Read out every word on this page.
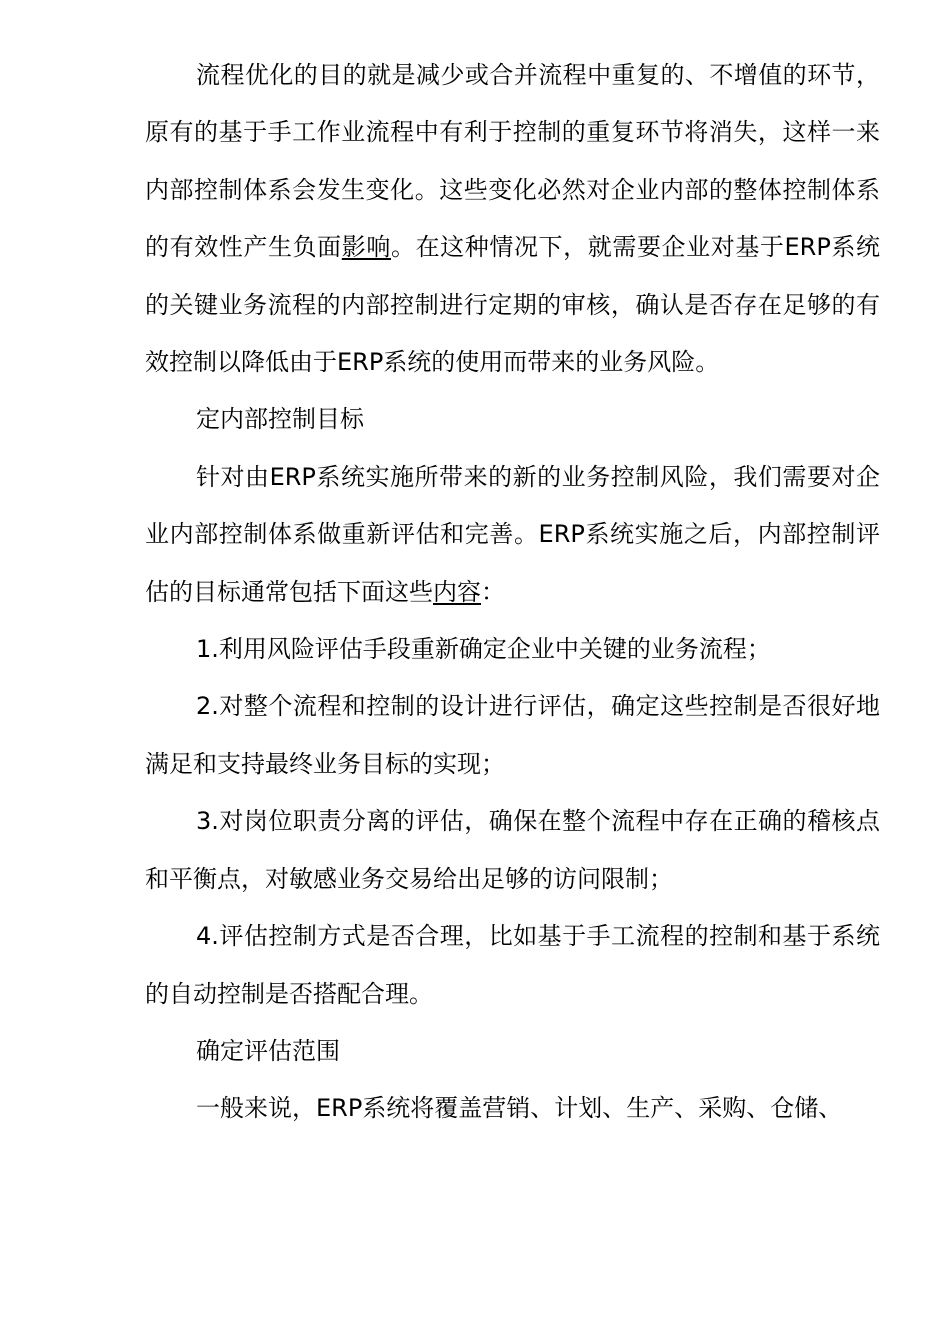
流程优化的目的就是减少或合并流程中重复的、不增值的环节，原有的基于手工作业流程中有利于控制的重复环节将消失，这样一来内部控制体系会发生变化。这些变化必然对企业内部的整体控制体系的有效性产生负面影响。在这种情况下，就需要企业对基于ERP系统的关键业务流程的内部控制进行定期的审核，确认是否存在足够的有效控制以降低由于ERP系统的使用而带来的业务风险。

定内部控制目标

针对由ERP系统实施所带来的新的业务控制风险，我们需要对企业内部控制体系做重新评估和完善。ERP系统实施之后，内部控制评估的目标通常包括下面这些内容：

1.利用风险评估手段重新确定企业中关键的业务流程；

2.对整个流程和控制的设计进行评估，确定这些控制是否很好地满足和支持最终业务目标的实现；

3.对岗位职责分离的评估，确保在整个流程中存在正确的稽核点和平衡点，对敏感业务交易给出足够的访问限制；

4.评估控制方式是否合理，比如基于手工流程的控制和基于系统的自动控制是否搭配合理。

确定评估范围

一般来说，ERP系统将覆盖营销、计划、生产、采购、仓储、
